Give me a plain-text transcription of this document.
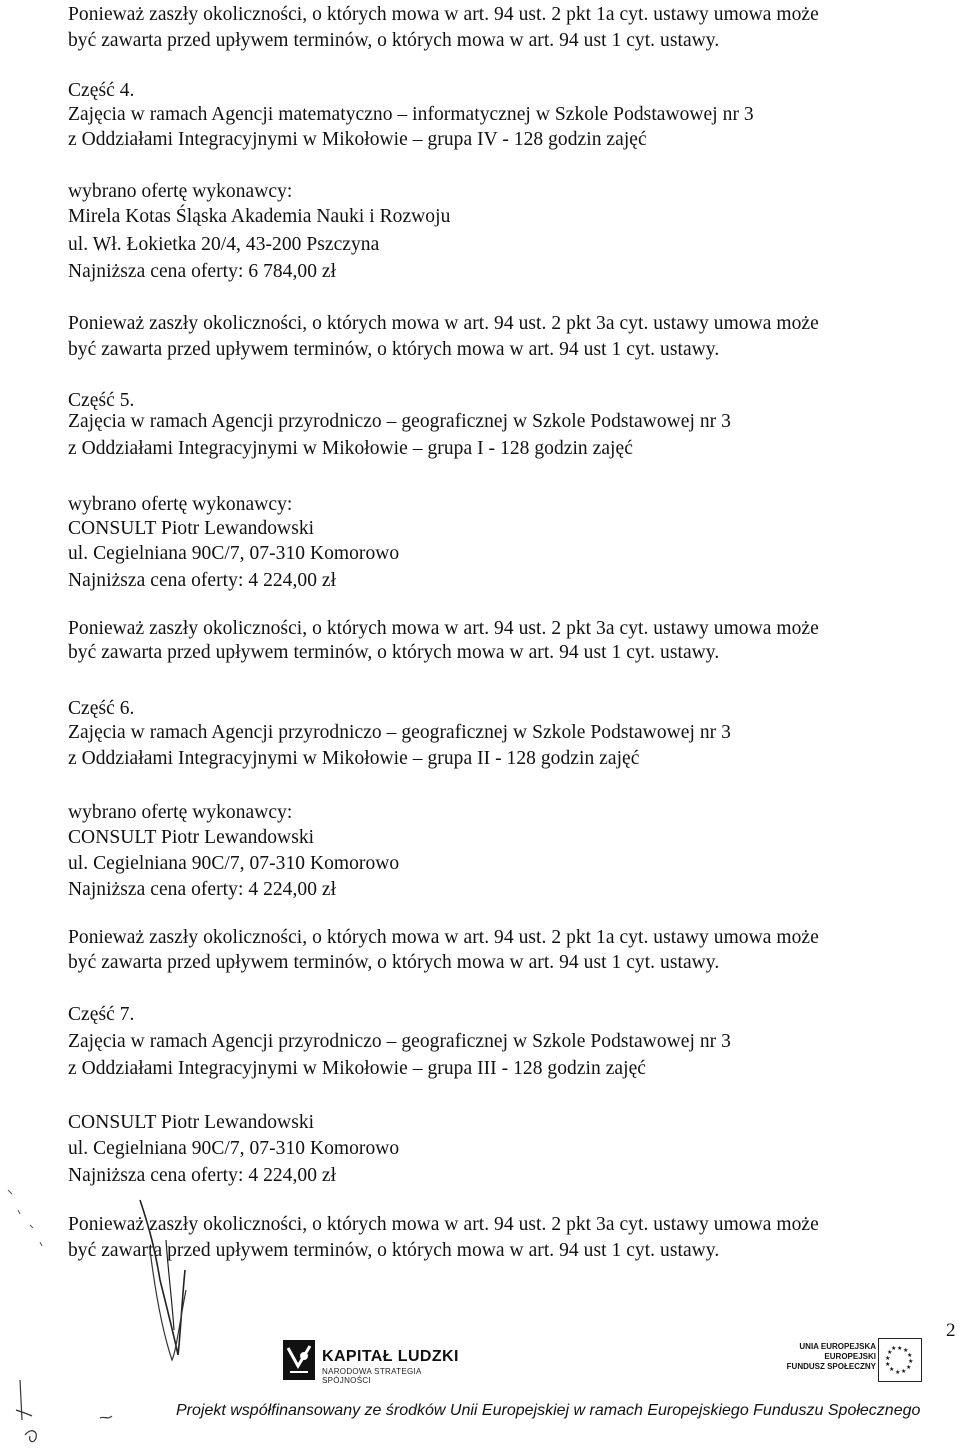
Ponieważ zaszły okoliczności, o których mowa w art. 94 ust. 2 pkt 1a cyt. ustawy umowa może
być zawarta przed upływem terminów, o których mowa w art. 94 ust 1 cyt. ustawy.
Część 4.
Zajęcia w ramach Agencji matematyczno – informatycznej w Szkole Podstawowej nr 3
z Oddziałami Integracyjnymi w Mikołowie – grupa IV - 128 godzin zajęć
wybrano ofertę wykonawcy:
Mirela Kotas Śląska Akademia Nauki i Rozwoju
ul. Wł. Łokietka 20/4, 43-200 Pszczyna
Najniższa cena oferty: 6 784,00 zł
Ponieważ zaszły okoliczności, o których mowa w art. 94 ust. 2 pkt 3a cyt. ustawy umowa może
być zawarta przed upływem terminów, o których mowa w art. 94 ust 1 cyt. ustawy.
Część 5.
Zajęcia w ramach Agencji przyrodniczo – geograficznej w Szkole Podstawowej nr 3
z Oddziałami Integracyjnymi w Mikołowie – grupa I - 128 godzin zajęć
wybrano ofertę wykonawcy:
CONSULT Piotr Lewandowski
ul. Cegielniana 90C/7, 07-310 Komorowo
Najniższa cena oferty: 4 224,00 zł
Ponieważ zaszły okoliczności, o których mowa w art. 94 ust. 2 pkt 3a cyt. ustawy umowa może
być zawarta przed upływem terminów, o których mowa w art. 94 ust 1 cyt. ustawy.
Część 6.
Zajęcia w ramach Agencji przyrodniczo – geograficznej w Szkole Podstawowej nr 3
z Oddziałami Integracyjnymi w Mikołowie – grupa II - 128 godzin zajęć
wybrano ofertę wykonawcy:
CONSULT Piotr Lewandowski
ul. Cegielniana 90C/7, 07-310 Komorowo
Najniższa cena oferty: 4 224,00 zł
Ponieważ zaszły okoliczności, o których mowa w art. 94 ust. 2 pkt 1a cyt. ustawy umowa może
być zawarta przed upływem terminów, o których mowa w art. 94 ust 1 cyt. ustawy.
Część 7.
Zajęcia w ramach Agencji przyrodniczo – geograficznej w Szkole Podstawowej nr 3
z Oddziałami Integracyjnymi w Mikołowie – grupa III - 128 godzin zajęć
CONSULT Piotr Lewandowski
ul. Cegielniana 90C/7, 07-310 Komorowo
Najniższa cena oferty: 4 224,00 zł
Ponieważ zaszły okoliczności, o których mowa w art. 94 ust. 2 pkt 3a cyt. ustawy umowa może
być zawarta przed upływem terminów, o których mowa w art. 94 ust 1 cyt. ustawy.
2
KAPITAŁ LUDZKI
NARODOWA STRATEGIA SPÓJNOŚCI
UNIA EUROPEJSKA
EUROPEJSKI
FUNDUSZ SPOŁECZNY
★ ★
★
★
★
★
★
★
★
★
★
★
Projekt współfinansowany ze środków Unii Europejskiej w ramach Europejskiego Funduszu Społecznego
